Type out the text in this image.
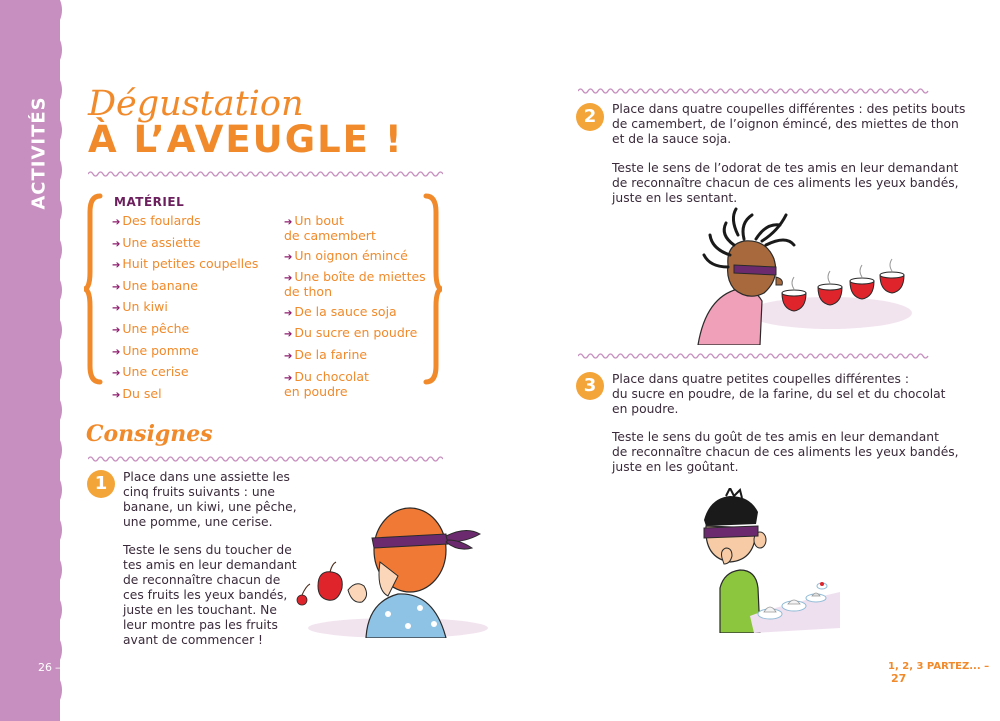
ACTIVITÉS
26 –
Dégustation
À L’AVEUGLE !
MATÉRIEL
➔ Des foulards
➔ Une assiette
➔ Huit petites coupelles
➔ Une banane
➔ Un kiwi
➔ Une pêche
➔ Une pomme
➔ Une cerise
➔ Du sel
➔ Un bout
de camembert
➔ Un oignon émincé
➔ Une boîte de miettes
de thon
➔ De la sauce soja
➔ Du sucre en poudre
➔ De la farine
➔ Du chocolat
en poudre
Consignes
1	Place dans une assiette les
cinq fruits suivants : une
banane, un kiwi, une pêche,
une pomme, une cerise.

Teste le sens du toucher de
tes amis en leur demandant
de reconnaître chacun de
ces fruits les yeux bandés,
juste en les touchant. Ne
leur montre pas les fruits
avant de commencer !

2	Place dans quatre coupelles différentes : des petits bouts
de camembert, de l’oignon émincé, des miettes de thon
et de la sauce soja.

Teste le sens de l’odorat de tes amis en leur demandant
de reconnaître chacun de ces aliments les yeux bandés,
juste en les sentant.

3	Place dans quatre petites coupelles différentes :
du sucre en poudre, de la farine, du sel et du chocolat
en poudre.

Teste le sens du goût de tes amis en leur demandant
de reconnaître chacun de ces aliments les yeux bandés,
juste en les goûtant.

1, 2, 3 PARTEZ... – 27
